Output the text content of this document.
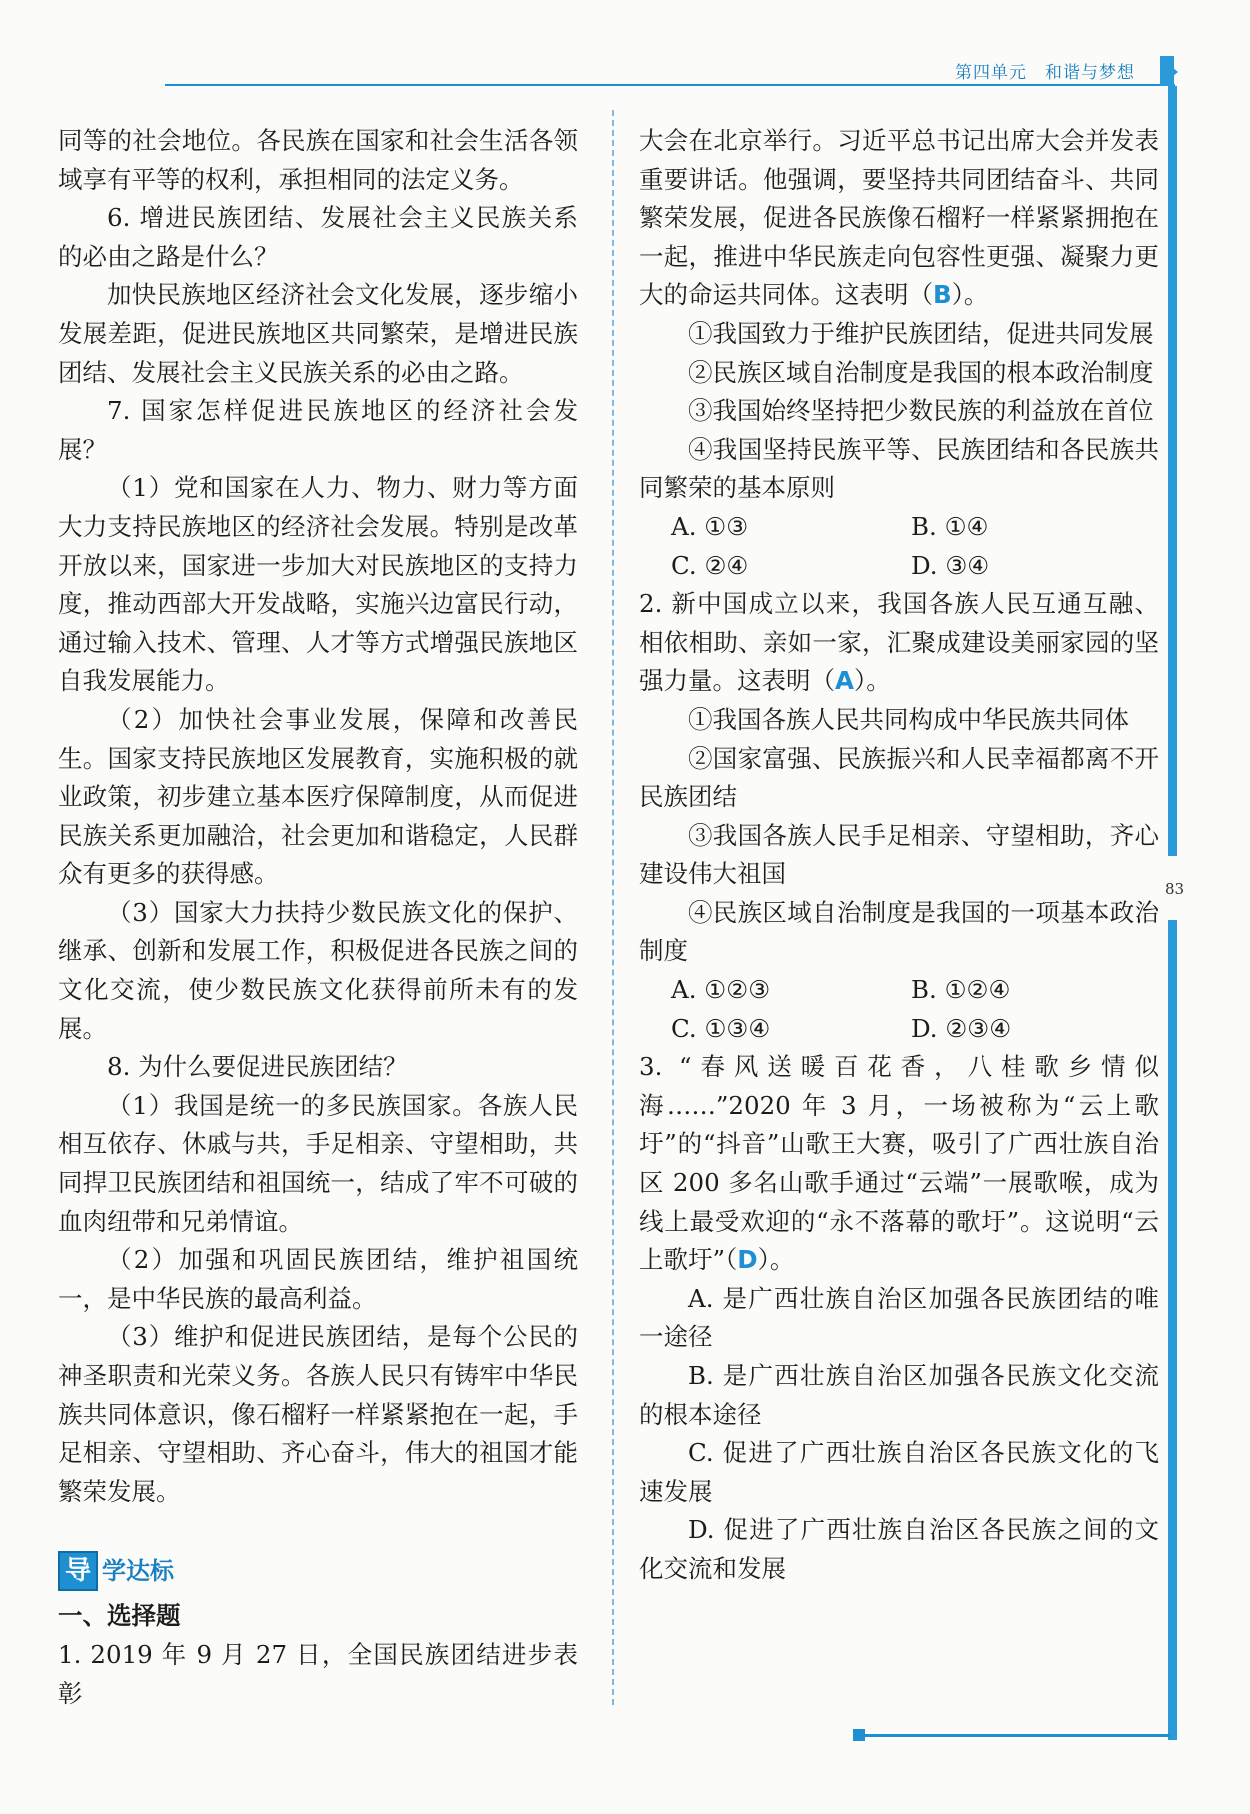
第四单元 和谐与梦想
83

同等的社会地位。各民族在国家和社会生活各领域享有平等的权利，承担相同的法定义务。

6. 增进民族团结、发展社会主义民族关系的必由之路是什么？

加快民族地区经济社会文化发展，逐步缩小发展差距，促进民族地区共同繁荣，是增进民族团结、发展社会主义民族关系的必由之路。

7. 国家怎样促进民族地区的经济社会发展？

（1）党和国家在人力、物力、财力等方面大力支持民族地区的经济社会发展。特别是改革开放以来，国家进一步加大对民族地区的支持力度，推动西部大开发战略，实施兴边富民行动，通过输入技术、管理、人才等方式增强民族地区自我发展能力。

（2）加快社会事业发展，保障和改善民生。国家支持民族地区发展教育，实施积极的就业政策，初步建立基本医疗保障制度，从而促进民族关系更加融洽，社会更加和谐稳定，人民群众有更多的获得感。

（3）国家大力扶持少数民族文化的保护、继承、创新和发展工作，积极促进各民族之间的文化交流，使少数民族文化获得前所未有的发展。

8. 为什么要促进民族团结？

（1）我国是统一的多民族国家。各族人民相互依存、休戚与共，手足相亲、守望相助，共同捍卫民族团结和祖国统一，结成了牢不可破的血肉纽带和兄弟情谊。

（2）加强和巩固民族团结，维护祖国统一，是中华民族的最高利益。

（3）维护和促进民族团结，是每个公民的神圣职责和光荣义务。各族人民只有铸牢中华民族共同体意识，像石榴籽一样紧紧抱在一起，手足相亲、守望相助、齐心奋斗，伟大的祖国才能繁荣发展。

导 学达标

一、选择题

1. 2019 年 9 月 27 日，全国民族团结进步表彰

大会在北京举行。习近平总书记出席大会并发表重要讲话。他强调，要坚持共同团结奋斗、共同繁荣发展，促进各民族像石榴籽一样紧紧拥抱在一起，推进中华民族走向包容性更强、凝聚力更大的命运共同体。这表明（B）。

①我国致力于维护民族团结，促进共同发展

②民族区域自治制度是我国的根本政治制度

③我国始终坚持把少数民族的利益放在首位

④我国坚持民族平等、民族团结和各民族共同繁荣的基本原则

A. ①③	B. ①④
C. ②④	D. ③④

2. 新中国成立以来，我国各族人民互通互融、相依相助、亲如一家，汇聚成建设美丽家园的坚强力量。这表明（A）。

①我国各族人民共同构成中华民族共同体

②国家富强、民族振兴和人民幸福都离不开民族团结

③我国各族人民手足相亲、守望相助，齐心建设伟大祖国

④民族区域自治制度是我国的一项基本政治制度

A. ①②③	B. ①②④
C. ①③④	D. ②③④

3. “春风送暖百花香，八桂歌乡情似海……”2020 年 3 月，一场被称为“云上歌圩”的“抖音”山歌王大赛，吸引了广西壮族自治区 200 多名山歌手通过“云端”一展歌喉，成为线上最受欢迎的“永不落幕的歌圩”。这说明“云上歌圩”（D）。

A. 是广西壮族自治区加强各民族团结的唯一途径

B. 是广西壮族自治区加强各民族文化交流的根本途径

C. 促进了广西壮族自治区各民族文化的飞速发展

D. 促进了广西壮族自治区各民族之间的文化交流和发展
